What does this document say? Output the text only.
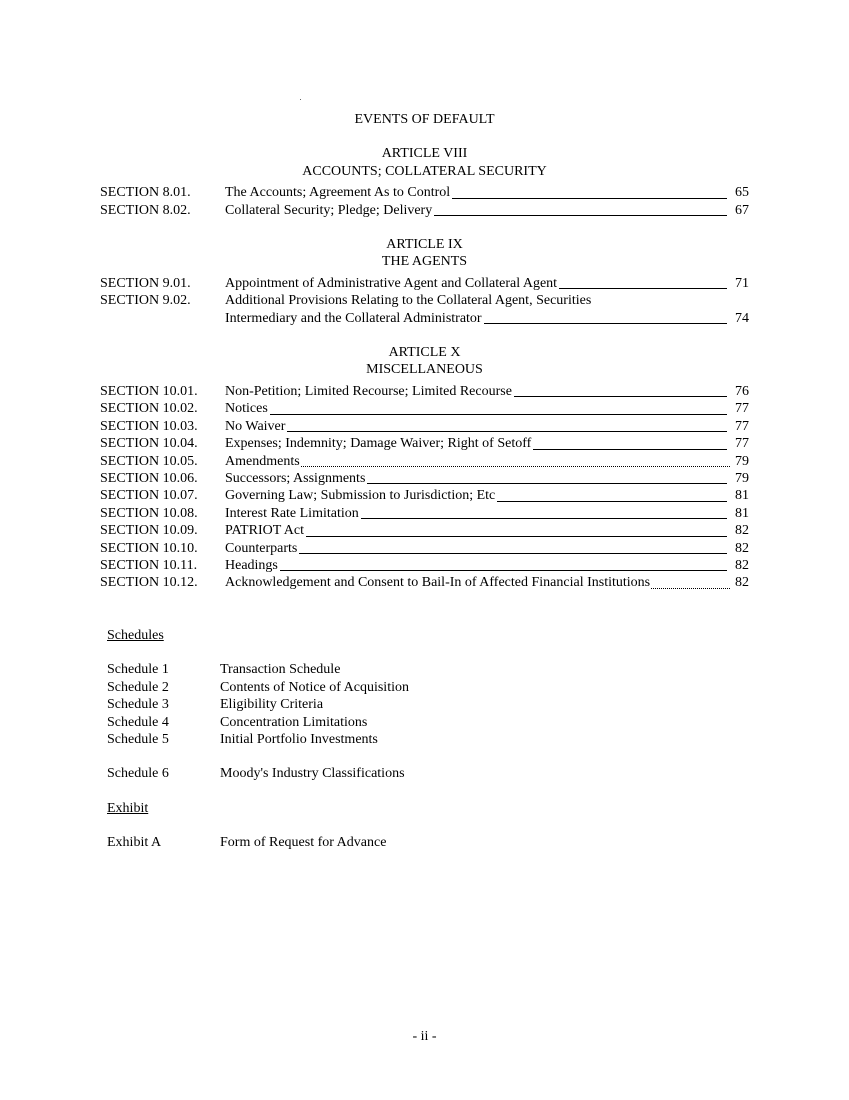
EVENTS OF DEFAULT
ARTICLE VIII
ACCOUNTS; COLLATERAL SECURITY
SECTION 8.01.	The Accounts; Agreement As to Control	65
SECTION 8.02.	Collateral Security; Pledge; Delivery	67
ARTICLE IX
THE AGENTS
SECTION 9.01.	Appointment of Administrative Agent and Collateral Agent	71
SECTION 9.02.	Additional Provisions Relating to the Collateral Agent, Securities
Intermediary and the Collateral Administrator	74
ARTICLE X
MISCELLANEOUS
SECTION 10.01.	Non-Petition; Limited Recourse; Limited Recourse	76
SECTION 10.02.	Notices	77
SECTION 10.03.	No Waiver	77
SECTION 10.04.	Expenses; Indemnity; Damage Waiver; Right of Setoff	77
SECTION 10.05.	Amendments	79
SECTION 10.06.	Successors; Assignments	79
SECTION 10.07.	Governing Law; Submission to Jurisdiction; Etc	81
SECTION 10.08.	Interest Rate Limitation	81
SECTION 10.09.	PATRIOT Act	82
SECTION 10.10.	Counterparts	82
SECTION 10.11.	Headings	82
SECTION 10.12.	Acknowledgement and Consent to Bail-In of Affected Financial Institutions	82
Schedules
Schedule 1	Transaction Schedule
Schedule 2	Contents of Notice of Acquisition
Schedule 3	Eligibility Criteria
Schedule 4	Concentration Limitations
Schedule 5	Initial Portfolio Investments
Schedule 6	Moody's Industry Classifications
Exhibit
Exhibit A	Form of Request for Advance
- ii -
